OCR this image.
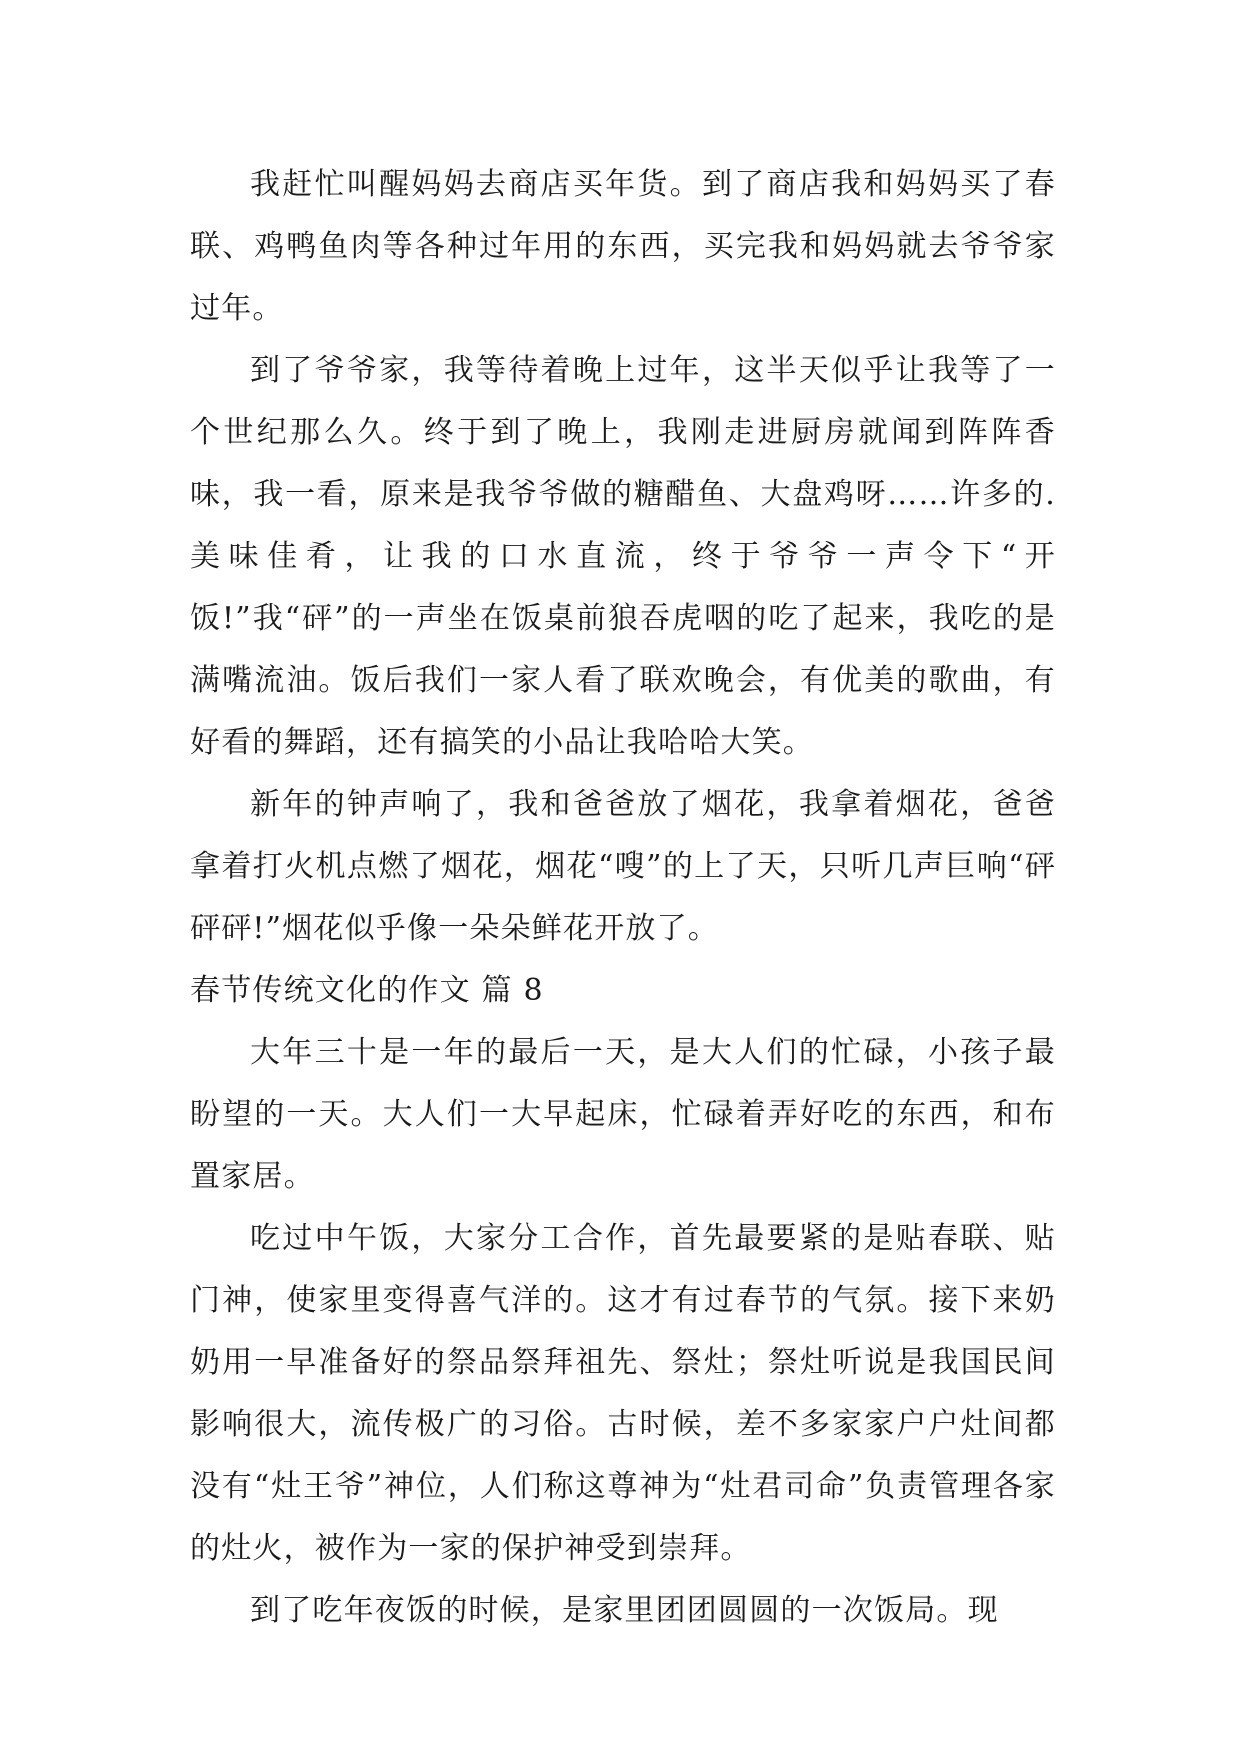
我赶忙叫醒妈妈去商店买年货。到了商店我和妈妈买了春联、鸡鸭鱼肉等各种过年用的东西，买完我和妈妈就去爷爷家过年。

到了爷爷家，我等待着晚上过年，这半天似乎让我等了一个世纪那么久。终于到了晚上，我刚走进厨房就闻到阵阵香味，我一看，原来是我爷爷做的糖醋鱼、大盘鸡呀……许多的.美味佳肴，让我的口水直流，终于爷爷一声令下“开饭!”我“砰”的一声坐在饭桌前狼吞虎咽的吃了起来，我吃的是满嘴流油。饭后我们一家人看了联欢晚会，有优美的歌曲，有好看的舞蹈，还有搞笑的小品让我哈哈大笑。

新年的钟声响了，我和爸爸放了烟花，我拿着烟花，爸爸拿着打火机点燃了烟花，烟花“嗖”的上了天，只听几声巨响“砰砰砰!”烟花似乎像一朵朵鲜花开放了。

春节传统文化的作文 篇 8

大年三十是一年的最后一天，是大人们的忙碌，小孩子最盼望的一天。大人们一大早起床，忙碌着弄好吃的东西，和布置家居。

吃过中午饭，大家分工合作，首先最要紧的是贴春联、贴门神，使家里变得喜气洋的。这才有过春节的气氛。接下来奶奶用一早准备好的祭品祭拜祖先、祭灶；祭灶听说是我国民间影响很大，流传极广的习俗。古时候，差不多家家户户灶间都没有“灶王爷”神位，人们称这尊神为“灶君司命”负责管理各家的灶火，被作为一家的保护神受到崇拜。

到了吃年夜饭的时候，是家里团团圆圆的一次饭局。现
